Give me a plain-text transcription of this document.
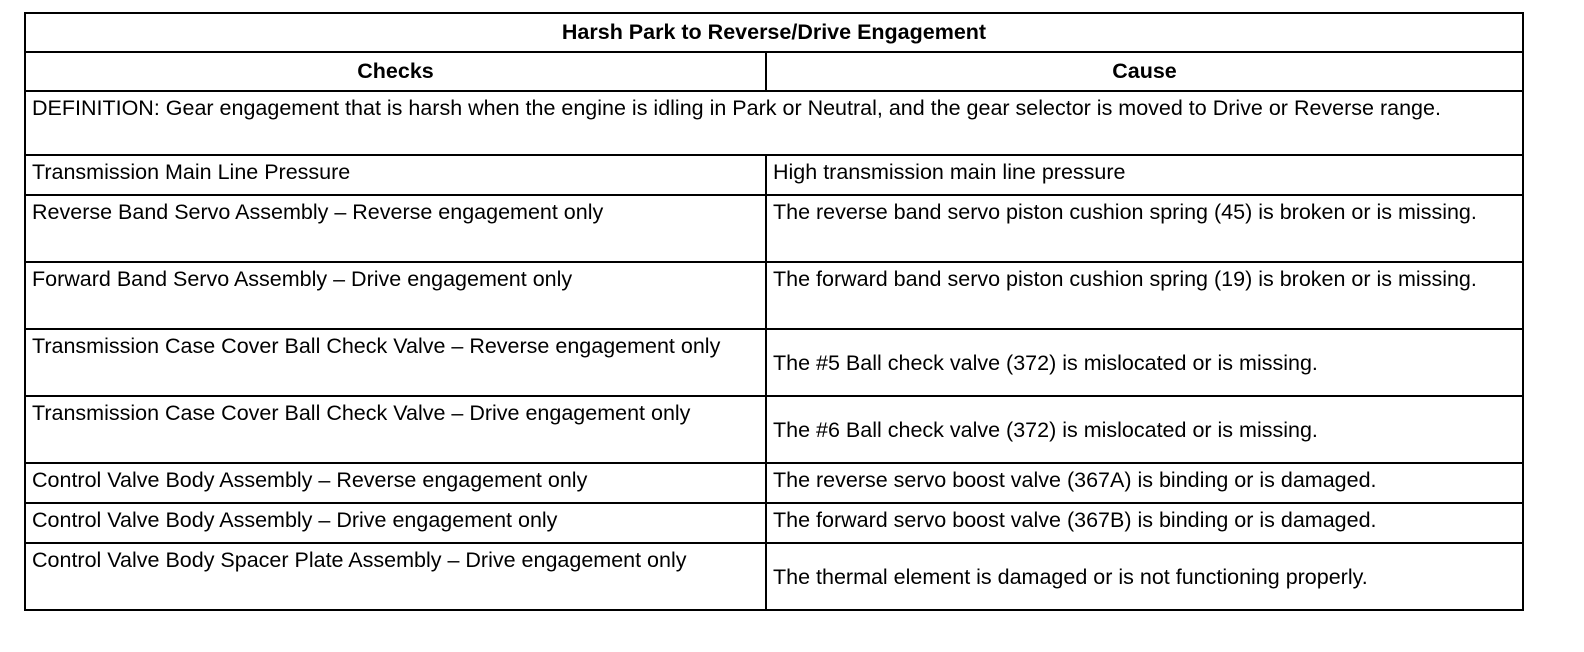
Harsh Park to Reverse/Drive Engagement	
Checks	Cause
DEFINITION: Gear engagement that is harsh when the engine is idling in Park or Neutral, and the gear selector is moved to Drive or Reverse range.	
Transmission Main Line Pressure	High transmission main line pressure
Reverse Band Servo Assembly – Reverse engagement only	The reverse band servo piston cushion spring (45) is broken or is missing.
Forward Band Servo Assembly – Drive engagement only	The forward band servo piston cushion spring (19) is broken or is missing.
Transmission Case Cover Ball Check Valve – Reverse engagement only	The #5 Ball check valve (372) is mislocated or is missing.
Transmission Case Cover Ball Check Valve – Drive engagement only	The #6 Ball check valve (372) is mislocated or is missing.
Control Valve Body Assembly – Reverse engagement only	The reverse servo boost valve (367A) is binding or is damaged.
Control Valve Body Assembly – Drive engagement only	The forward servo boost valve (367B) is binding or is damaged.
Control Valve Body Spacer Plate Assembly – Drive engagement only	The thermal element is damaged or is not functioning properly.
